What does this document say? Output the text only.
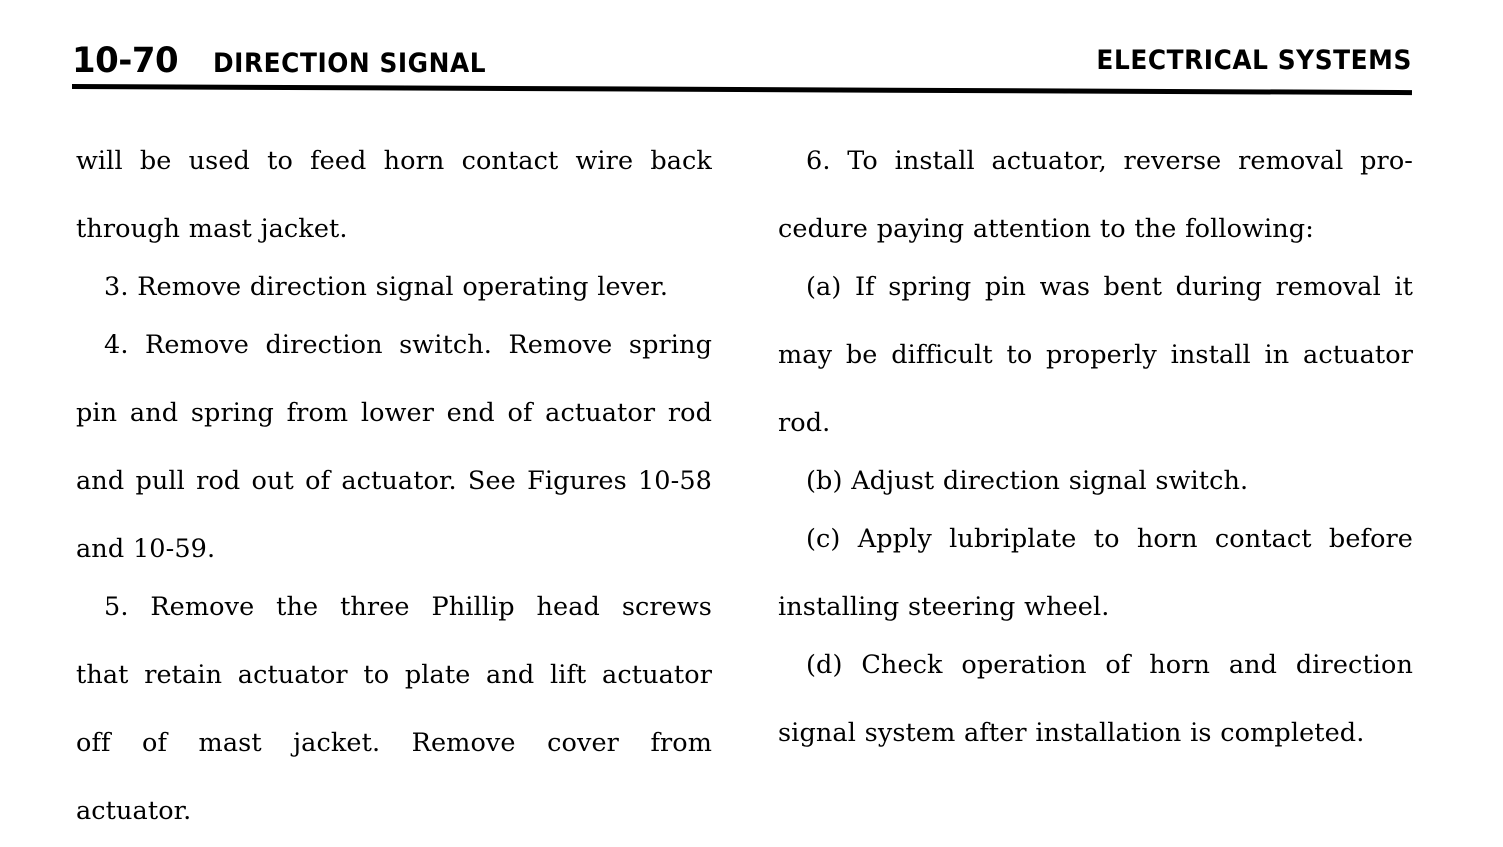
10-70 DIRECTION SIGNAL	ELECTRICAL SYSTEMS

will be used to feed horn contact wire back
through mast jacket.

3. Remove direction signal operating lever.

4. Remove direction switch. Remove spring
pin and spring from lower end of actuator rod
and pull rod out of actuator. See Figures 10-58
and 10-59.

5. Remove the three Phillip head screws
that retain actuator to plate and lift actuator
off of mast jacket. Remove cover from
actuator.

6. To install actuator, reverse removal pro-
cedure paying attention to the following:

(a) If spring pin was bent during removal it
may be difficult to properly install in actuator
rod.

(b) Adjust direction signal switch.

(c) Apply lubriplate to horn contact before
installing steering wheel.

(d) Check operation of horn and direction
signal system after installation is completed.
